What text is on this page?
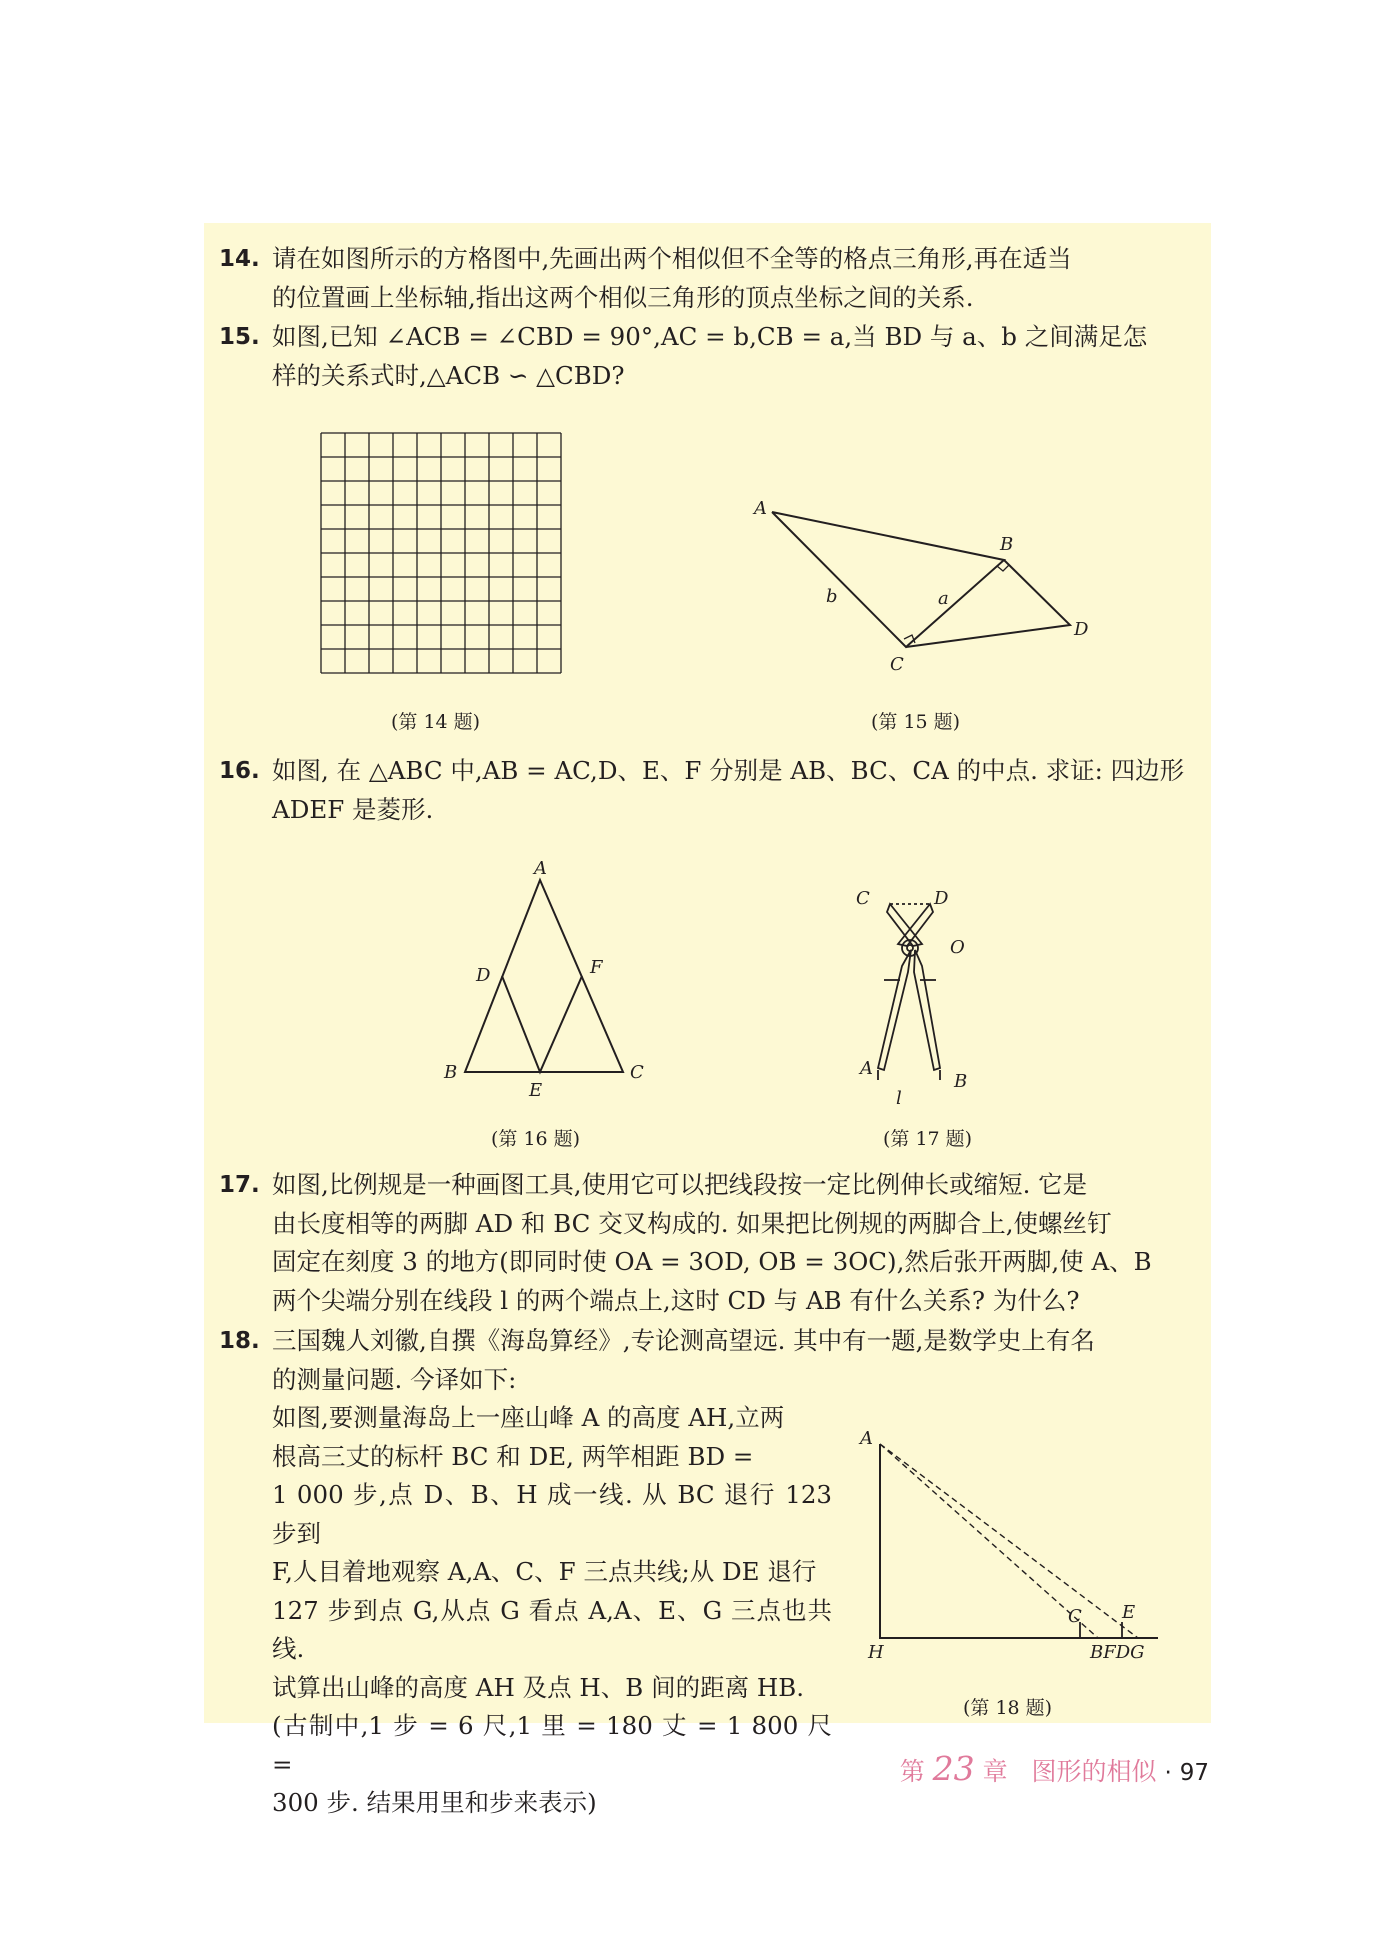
14. 请在如图所示的方格图中,先画出两个相似但不全等的格点三角形,再在适当

的位置画上坐标轴,指出这两个相似三角形的顶点坐标之间的关系.

15. 如图,已知 ∠ACB = ∠CBD = 90°,AC = b,CB = a,当 BD 与 a、b 之间满足怎

样的关系式时,△ACB ∽ △CBD?

(第 14 题)
A
B
C
D
a
b
(第 15 题)
16. 如图, 在 △ABC 中,AB = AC,D、E、F 分别是 AB、BC、CA 的中点. 求证: 四边形

ADEF 是菱形.

A
B	C
D
E
F
(第 16 题)
C	D
O
A
B
l
(第 17 题)
17. 如图,比例规是一种画图工具,使用它可以把线段按一定比例伸长或缩短. 它是

由长度相等的两脚 AD 和 BC 交叉构成的. 如果把比例规的两脚合上,使螺丝钉

固定在刻度 3 的地方(即同时使 OA = 3OD, OB = 3OC),然后张开两脚,使 A、B

两个尖端分别在线段 l 的两个端点上,这时 CD 与 AB 有什么关系? 为什么?

18. 三国魏人刘徽,自撰《海岛算经》,专论测高望远. 其中有一题,是数学史上有名

的测量问题. 今译如下:

如图,要测量海岛上一座山峰 A 的高度 AH,立两

根高三丈的标杆 BC 和 DE, 两竿相距 BD =

1 000 步,点 D、B、H 成一线. 从 BC 退行 123 步到

F,人目着地观察 A,A、C、F 三点共线;从 DE 退行

127 步到点 G,从点 G 看点 A,A、E、G 三点也共线.

试算出山峰的高度 AH 及点 H、B 间的距离 HB.

(古制中,1 步 = 6 尺,1 里 = 180 丈 = 1 800 尺 =

300 步. 结果用里和步来表示)

A
H
C E
BFDG
(第 18 题)
第 23 章 图形的相似 · 97
